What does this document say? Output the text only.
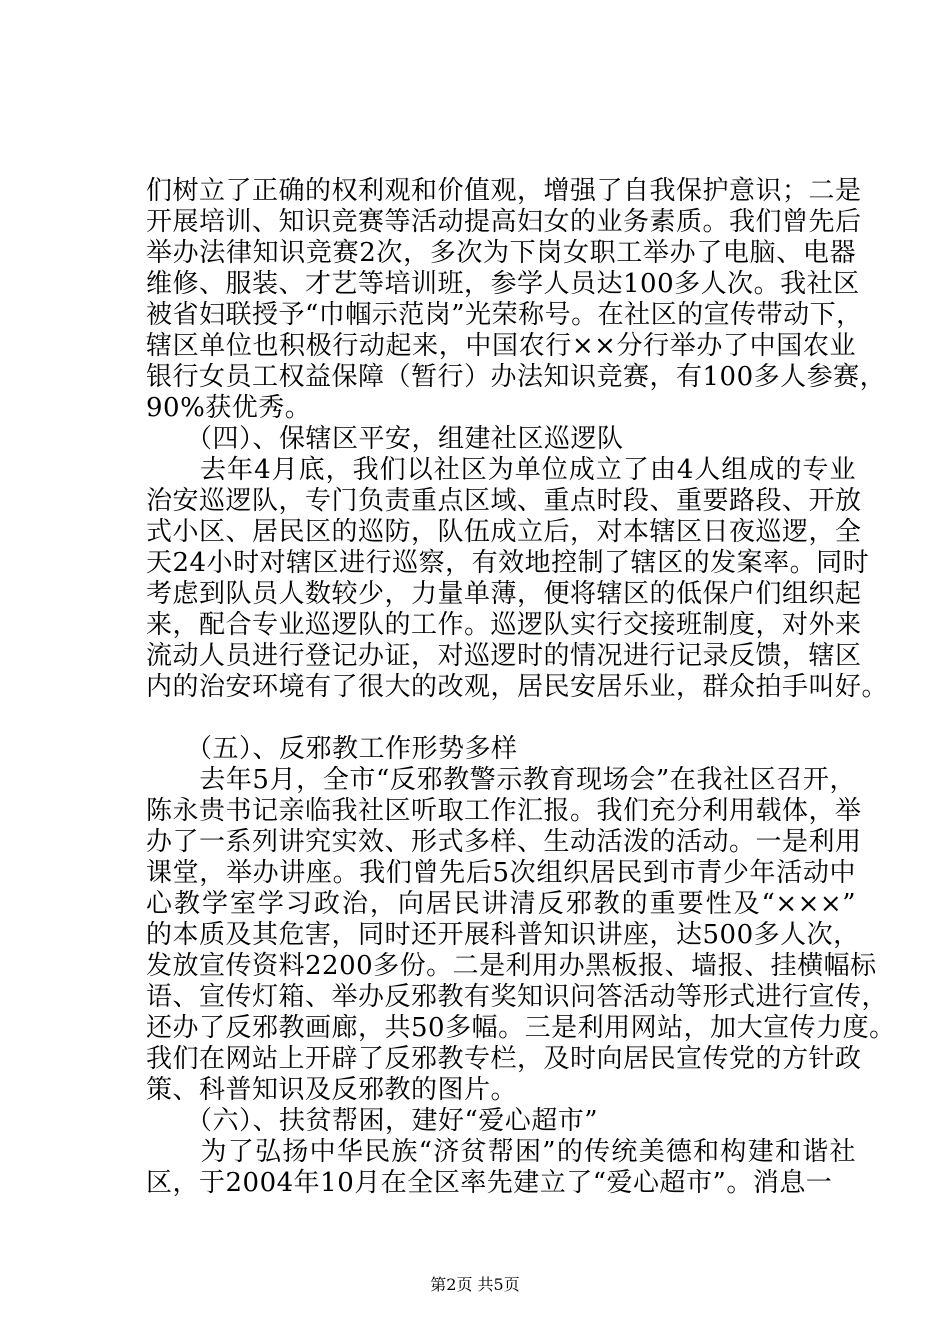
们树立了正确的权利观和价值观，增强了自我保护意识；二是
开展培训、知识竞赛等活动提高妇女的业务素质。我们曾先后
举办法律知识竞赛2次，多次为下岗女职工举办了电脑、电器
维修、服装、才艺等培训班，参学人员达100多人次。我社区
被省妇联授予“巾帼示范岗”光荣称号。在社区的宣传带动下，
辖区单位也积极行动起来，中国农行××分行举办了中国农业
银行女员工权益保障（暂行）办法知识竞赛，有100多人参赛，
90%获优秀。
　　（四）、保辖区平安，组建社区巡逻队
　　去年4月底，我们以社区为单位成立了由4人组成的专业
治安巡逻队，专门负责重点区域、重点时段、重要路段、开放
式小区、居民区的巡防，队伍成立后，对本辖区日夜巡逻，全
天24小时对辖区进行巡察，有效地控制了辖区的发案率。同时
考虑到队员人数较少，力量单薄，便将辖区的低保户们组织起
来，配合专业巡逻队的工作。巡逻队实行交接班制度，对外来
流动人员进行登记办证，对巡逻时的情况进行记录反馈，辖区
内的治安环境有了很大的改观，居民安居乐业，群众拍手叫好。
　　（五）、反邪教工作形势多样
　　去年5月，全市“反邪教警示教育现场会”在我社区召开，
陈永贵书记亲临我社区听取工作汇报。我们充分利用载体，举
办了一系列讲究实效、形式多样、生动活泼的活动。一是利用
课堂，举办讲座。我们曾先后5次组织居民到市青少年活动中
心教学室学习政治，向居民讲清反邪教的重要性及“×××”
的本质及其危害，同时还开展科普知识讲座，达500多人次，
发放宣传资料2200多份。二是利用办黑板报、墙报、挂横幅标
语、宣传灯箱、举办反邪教有奖知识问答活动等形式进行宣传，
还办了反邪教画廊，共50多幅。三是利用网站，加大宣传力度。
我们在网站上开辟了反邪教专栏，及时向居民宣传党的方针政
策、科普知识及反邪教的图片。
　　（六）、扶贫帮困，建好“爱心超市”
　　为了弘扬中华民族“济贫帮困”的传统美德和构建和谐社
区，于2004年10月在全区率先建立了“爱心超市”。消息一
第2页 共5页
